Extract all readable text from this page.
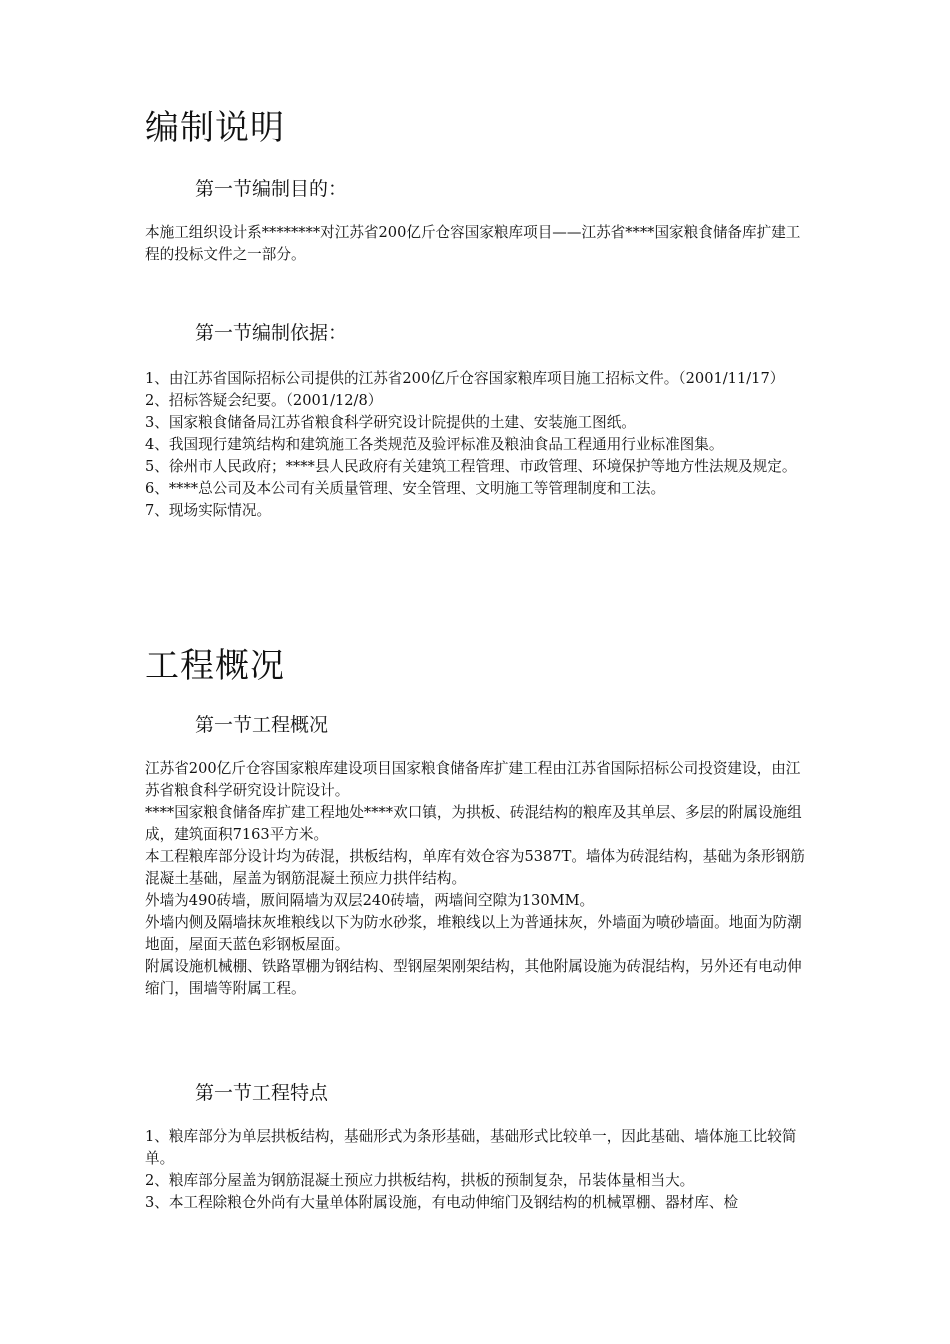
编制说明
第一节编制目的：
本施工组织设计系********对江苏省200亿斤仓容国家粮库项目——江苏省****国家粮食储备库扩建工程的投标文件之一部分。
第一节编制依据：
1、由江苏省国际招标公司提供的江苏省200亿斤仓容国家粮库项目施工招标文件。（2001/11/17）
2、招标答疑会纪要。（2001/12/8）
3、国家粮食储备局江苏省粮食科学研究设计院提供的土建、安装施工图纸。
4、我国现行建筑结构和建筑施工各类规范及验评标准及粮油食品工程通用行业标准图集。
5、徐州市人民政府；****县人民政府有关建筑工程管理、市政管理、环境保护等地方性法规及规定。
6、****总公司及本公司有关质量管理、安全管理、文明施工等管理制度和工法。
7、现场实际情况。
工程概况
第一节工程概况
江苏省200亿斤仓容国家粮库建设项目国家粮食储备库扩建工程由江苏省国际招标公司投资建设，由江苏省粮食科学研究设计院设计。
****国家粮食储备库扩建工程地处****欢口镇，为拱板、砖混结构的粮库及其单层、多层的附属设施组成，建筑面积7163平方米。
本工程粮库部分设计均为砖混，拱板结构，单库有效仓容为5387T。墙体为砖混结构，基础为条形钢筋混凝土基础，屋盖为钢筋混凝土预应力拱伴结构。
外墙为490砖墙，厫间隔墙为双层240砖墙，两墙间空隙为130MM。
外墙内侧及隔墙抹灰堆粮线以下为防水砂浆，堆粮线以上为普通抹灰，外墙面为喷砂墙面。地面为防潮地面，屋面天蓝色彩钢板屋面。
附属设施机械棚、铁路罩棚为钢结构、型钢屋架刚架结构，其他附属设施为砖混结构，另外还有电动伸缩门，围墙等附属工程。
第一节工程特点
1、粮库部分为单层拱板结构，基础形式为条形基础，基础形式比较单一，因此基础、墙体施工比较简单。
2、粮库部分屋盖为钢筋混凝土预应力拱板结构，拱板的预制复杂，吊装体量相当大。
3、本工程除粮仓外尚有大量单体附属设施，有电动伸缩门及钢结构的机械罩棚、器材库、检
